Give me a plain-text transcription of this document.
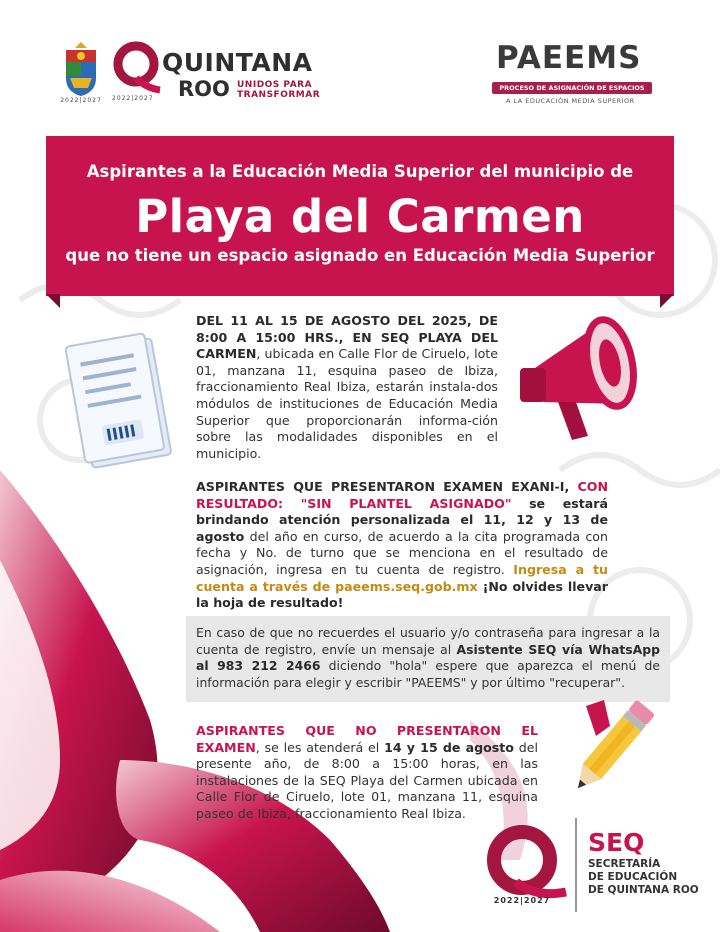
2022|2027
QUINTANA
ROO UNIDOS PARA TRANSFORMAR
2022|2027
PAEEMS
PROCESO DE ASIGNACIÓN DE ESPACIOS
A LA EDUCACIÓN MEDIA SUPERIOR
Aspirantes a la Educación Media Superior del municipio de
Playa del Carmen
que no tiene un espacio asignado en Educación Media Superior
DEL 11 AL 15 DE AGOSTO DEL 2025, DE 8:00 A 15:00 HRS., EN SEQ PLAYA DEL CARMEN, ubicada en Calle Flor de Ciruelo, lote 01, manzana 11, esquina paseo de Ibiza, fraccionamiento Real Ibiza, estarán instala-dos módulos de instituciones de Educación Media Superior que proporcionarán informa-ción sobre las modalidades disponibles en el municipio.
ASPIRANTES QUE PRESENTARON EXAMEN EXANI-I, CON RESULTADO: "SIN PLANTEL ASIGNADO" se estará brindando atención personalizada el 11, 12 y 13 de agosto del año en curso, de acuerdo a la cita programada con fecha y No. de turno que se menciona en el resultado de asignación, ingresa en tu cuenta de registro. Ingresa a tu cuenta a través de paeems.seq.gob.mx ¡No olvides llevar la hoja de resultado!
En caso de que no recuerdes el usuario y/o contraseña para ingresar a la cuenta de registro, envíe un mensaje al Asistente SEQ vía WhatsApp al 983 212 2466 diciendo "hola" espere que aparezca el menú de información para elegir y escribir "PAEEMS" y por último "recuperar".
ASPIRANTES QUE NO PRESENTARON EL EXAMEN, se les atenderá el 14 y 15 de agosto del presente año, de 8:00 a 15:00 horas, en las instalaciones de la SEQ Playa del Carmen ubicada en Calle Flor de Ciruelo, lote 01, manzana 11, esquina paseo de Ibiza, fraccionamiento Real Ibiza.
2022|2027
SEQ
SECRETARÍA
DE EDUCACIÓN
DE QUINTANA ROO
